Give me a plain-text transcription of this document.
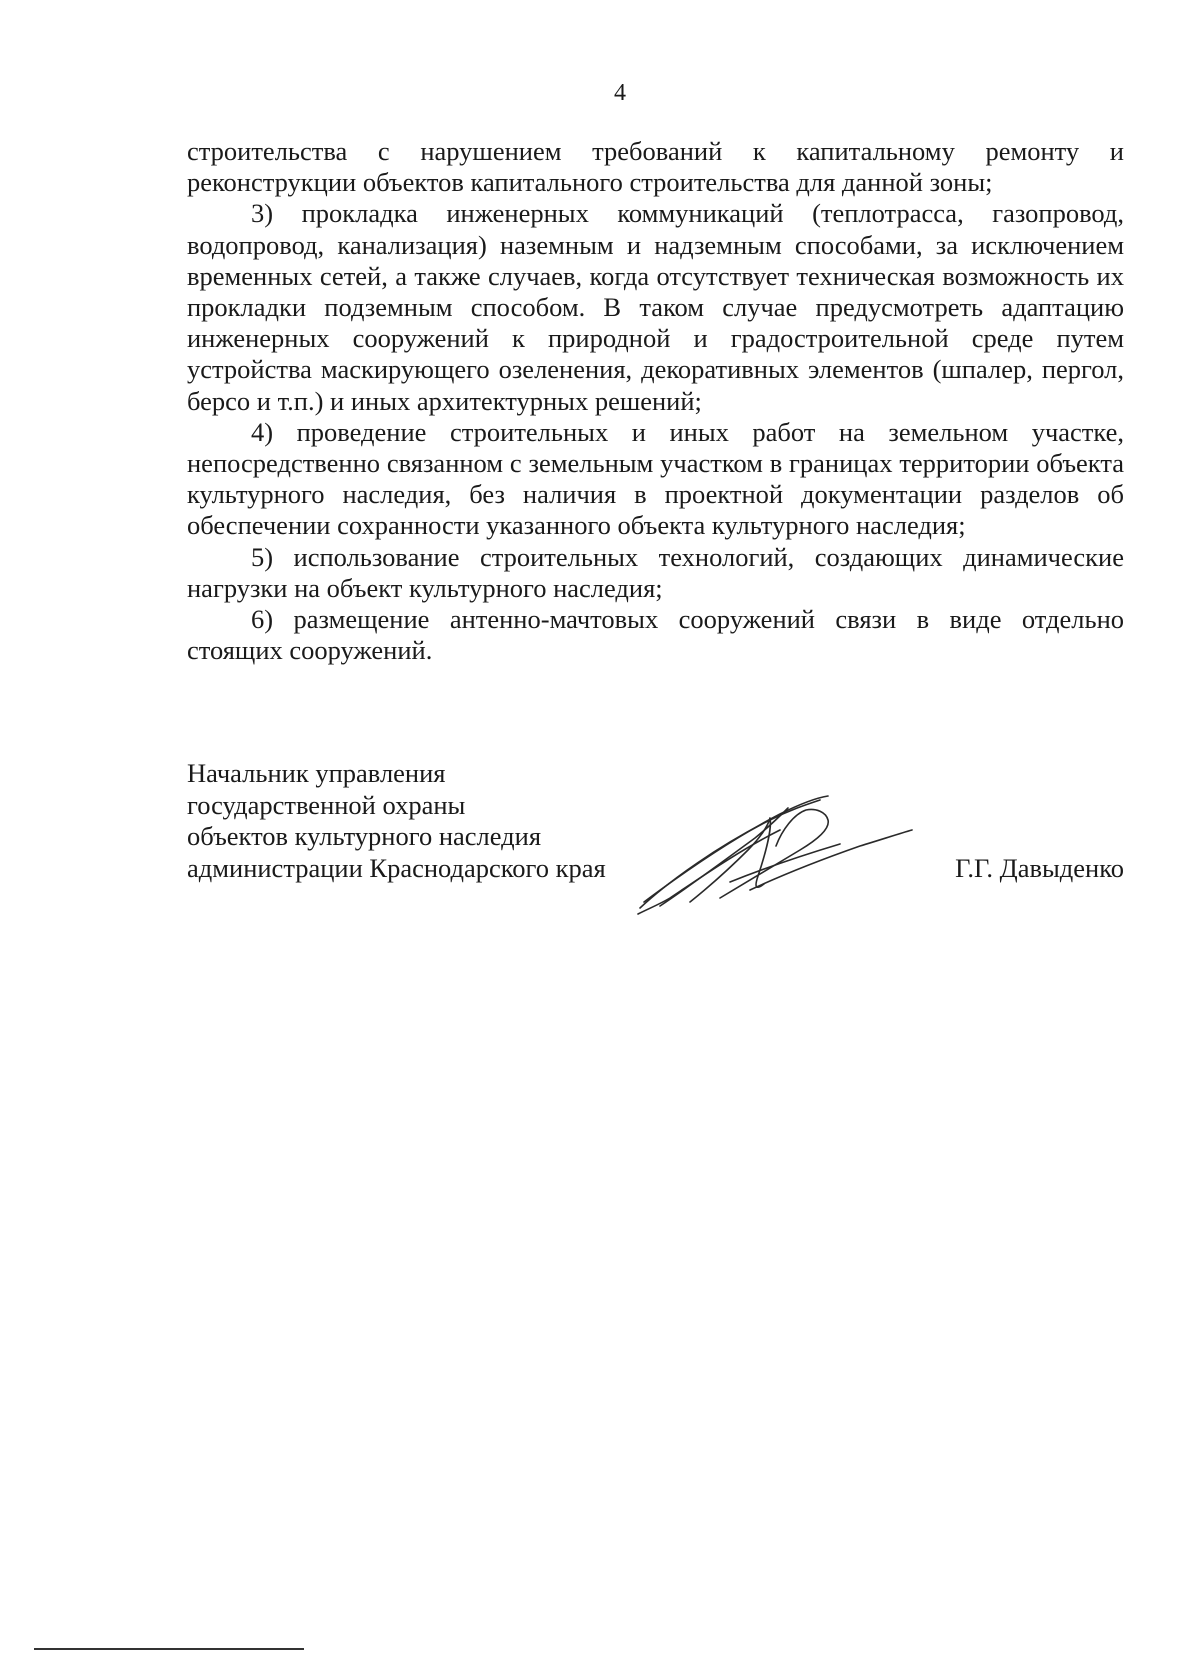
4

строительства с нарушением требований к капитальному ремонту и реконструкции объектов капитального строительства для данной зоны;

3) прокладка инженерных коммуникаций (теплотрасса, газопровод, водопровод, канализация) наземным и надземным способами, за исключением временных сетей, а также случаев, когда отсутствует техническая возможность их прокладки подземным способом. В таком случае предусмотреть адаптацию инженерных сооружений к природной и градостроительной среде путем устройства маскирующего озеленения, декоративных элементов (шпалер, пергол, берсо и т.п.) и иных архитектурных решений;

4) проведение строительных и иных работ на земельном участке, непосредственно связанном с земельным участком в границах территории объекта культурного наследия, без наличия в проектной документации разделов об обеспечении сохранности указанного объекта культурного наследия;

5) использование строительных технологий, создающих динамические нагрузки на объект культурного наследия;

6) размещение антенно-мачтовых сооружений связи в виде отдельно стоящих сооружений.

Начальник управления
государственной охраны
объектов культурного наследия
администрации Краснодарского края	Г.Г. Давыденко
